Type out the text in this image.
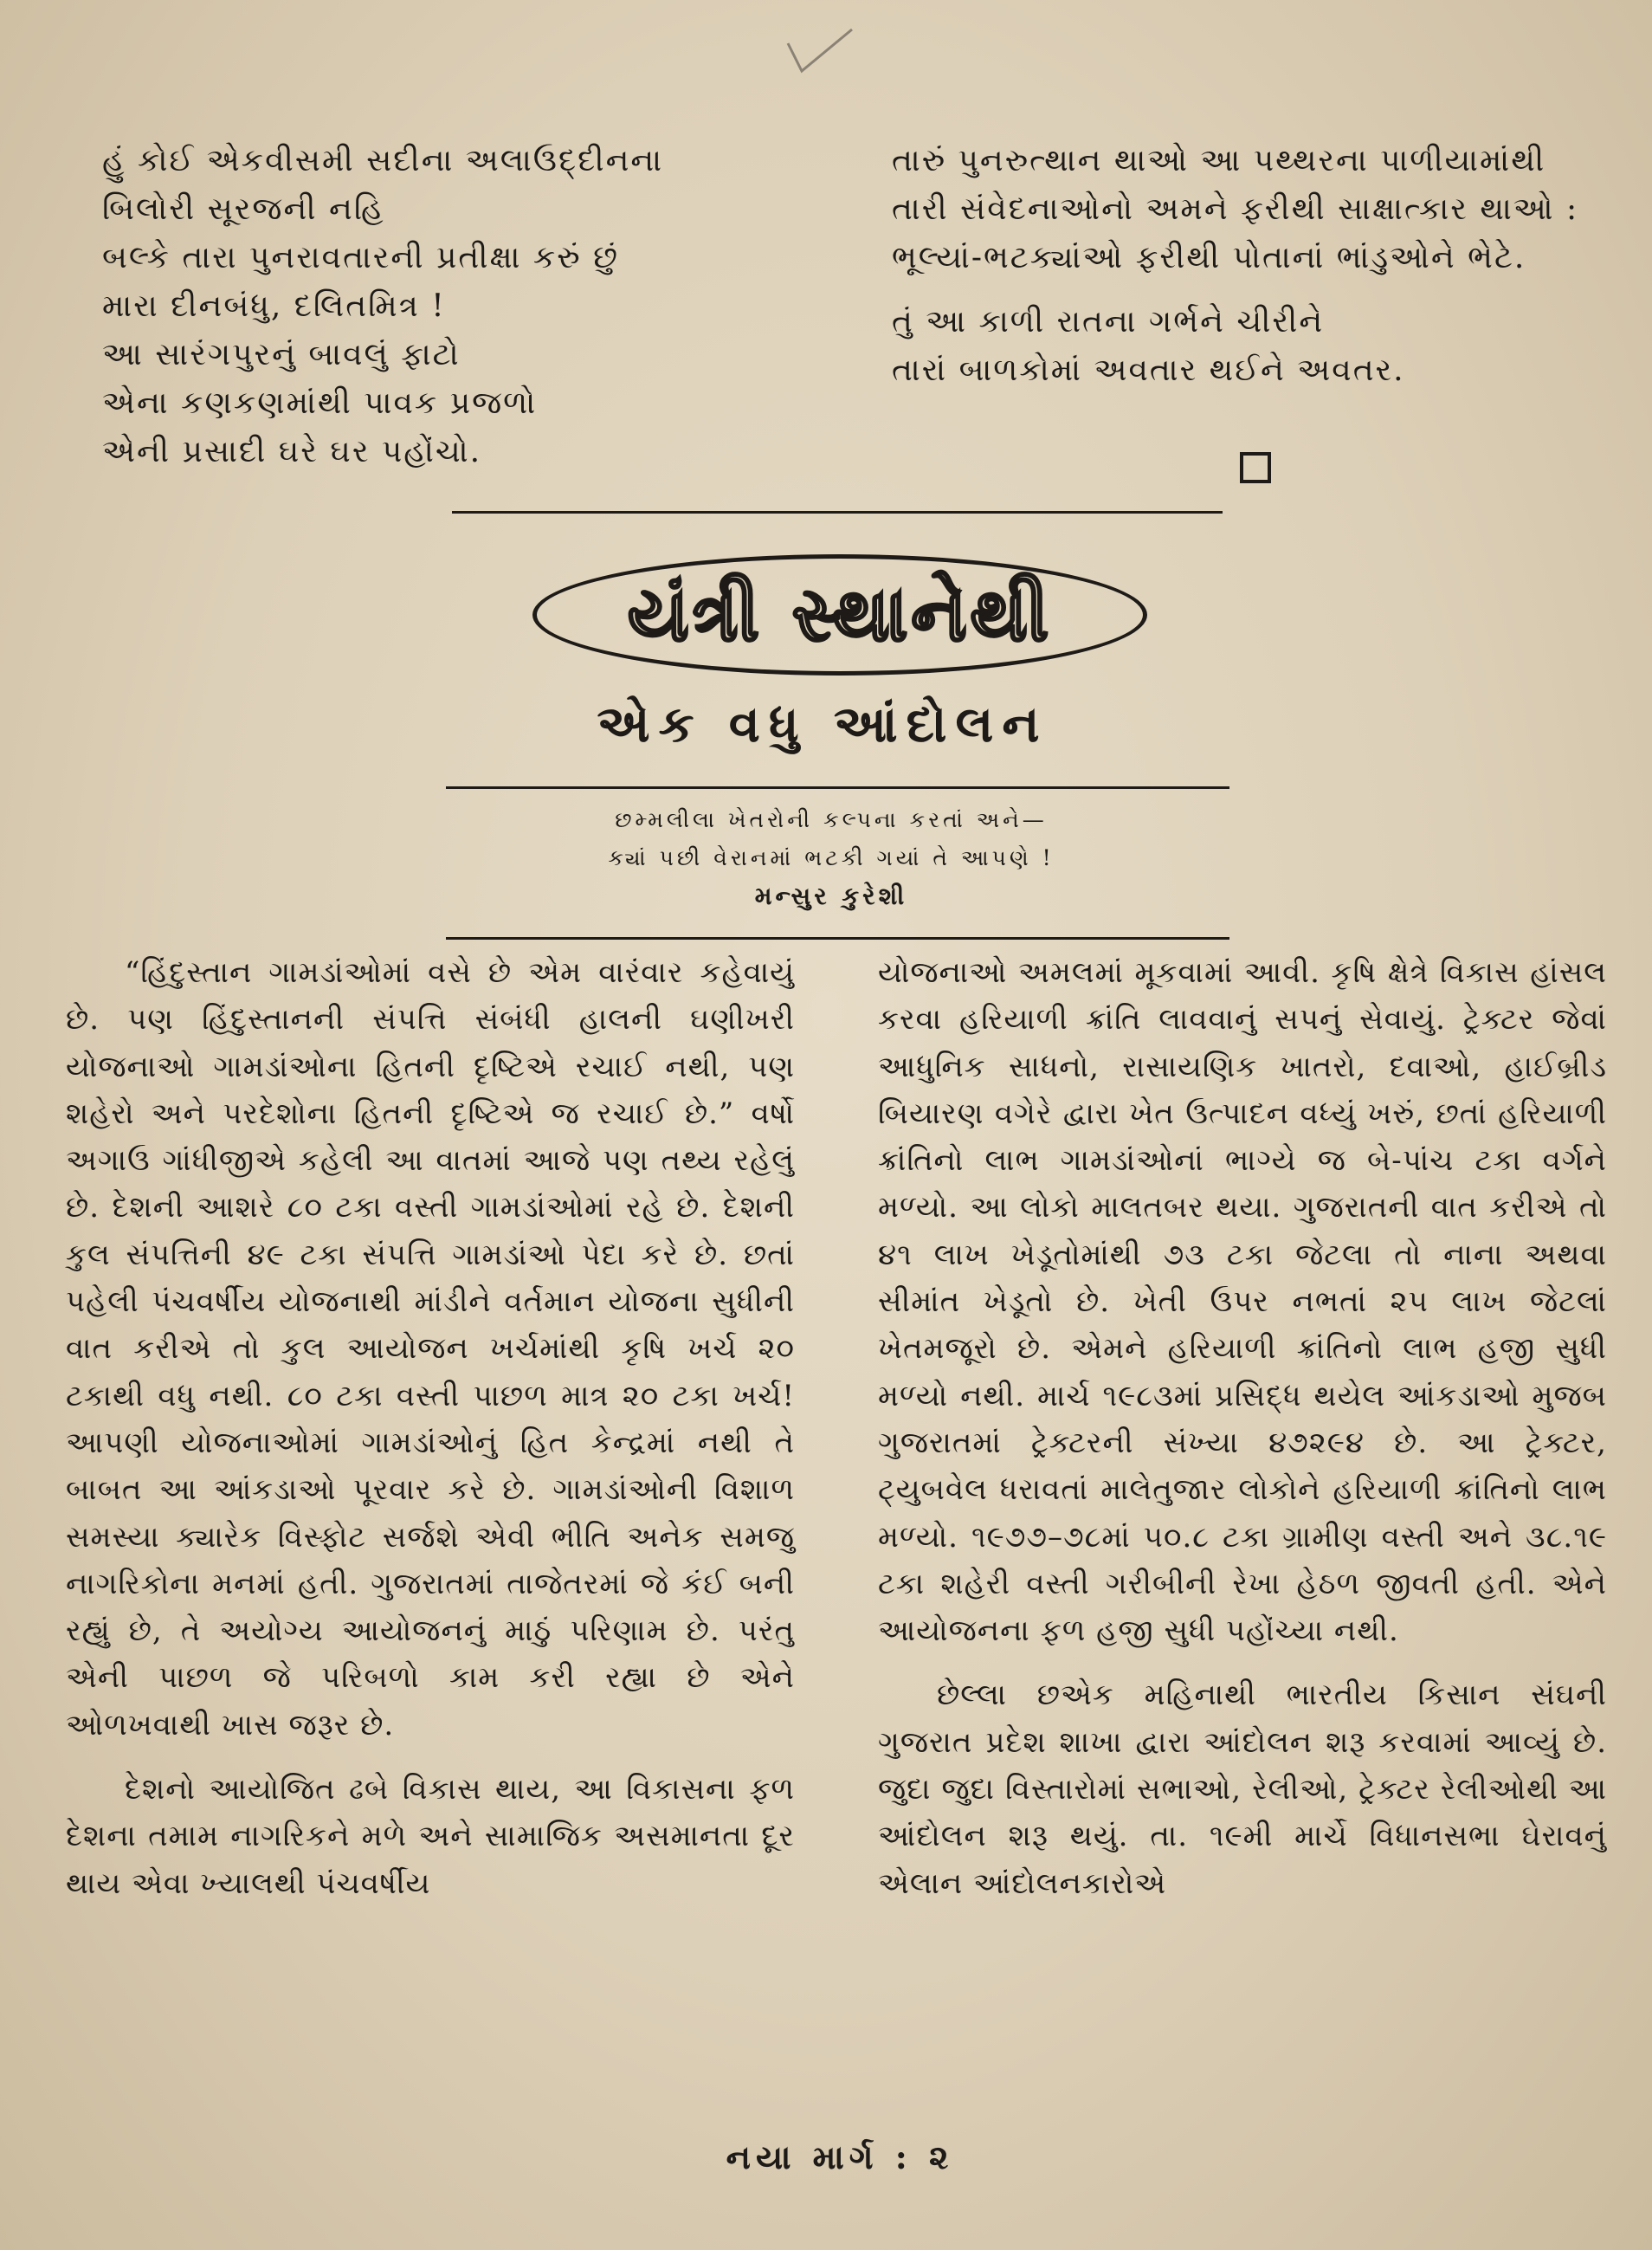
હું કોઈ એકવીસમી સદીના અલાઉદ્દીનના
બિલોરી સૂરજની નહિ
બલ્કે તારા પુનરાવતારની પ્રતીક્ષા કરું છું
મારા દીનબંધુ, દલિતમિત્ર !
આ સારંગપુરનું બાવલું ફાટો
એના કણકણમાંથી પાવક પ્રજળો
એની પ્રસાદી ઘરે ઘર પહોંચો.
તારું પુનરુત્થાન થાઓ આ પથ્થરના પાળીયામાંથી
તારી સંવેદનાઓનો અમને ફરીથી સાક્ષાત્કાર થાઓ :
ભૂલ્યાં-ભટક્યાંઓ ફરીથી પોતાનાં ભાંડુઓને ભેટે.
તું આ કાળી રાતના ગર્ભને ચીરીને
તારાં બાળકોમાં અવતાર થઈને અવતર.
યંત્રી સ્થાનેથી
એક વધુ આંદોલન
છમ્મલીલા ખેતરોની કલ્પના કરતાં અને—
ક્યાં પછી વેરાનમાં ભટકી ગયાં તે આપણે !
મન્સુર કુરેશી

“હિંદુસ્તાન ગામડાંઓમાં વસે છે એમ વારંવાર કહેવાયું છે. પણ હિંદુસ્તાનની સંપત્તિ સંબંધી હાલની ઘણીખરી યોજનાઓ ગામડાંઓના હિતની દૃષ્ટિએ રચાઈ નથી, પણ શહેરો અને પરદેશોના હિતની દૃષ્ટિએ જ રચાઈ છે.” વર્ષો અગાઉ ગાંધીજીએ કહેલી આ વાતમાં આજે પણ તથ્ય રહેલું છે. દેશની આશરે ૮૦ ટકા વસ્તી ગામડાંઓમાં રહે છે. દેશની કુલ સંપત્તિની ૪૯ ટકા સંપત્તિ ગામડાંઓ પેદા કરે છે. છતાં પહેલી પંચવર્ષીય યોજનાથી માંડીને વર્તમાન યોજના સુધીની વાત કરીએ તો કુલ આયોજન ખર્ચમાંથી કૃષિ ખર્ચ ૨૦ ટકાથી વધુ નથી. ૮૦ ટકા વસ્તી પાછળ માત્ર ૨૦ ટકા ખર્ચ! આપણી યોજનાઓમાં ગામડાંઓનું હિત કેન્દ્રમાં નથી તે બાબત આ આંકડાઓ પૂરવાર કરે છે. ગામડાંઓની વિશાળ સમસ્યા ક્યારેક વિસ્ફોટ સર્જશે એવી ભીતિ અનેક સમજુ નાગરિકોના મનમાં હતી. ગુજરાતમાં તાજેતરમાં જે કંઈ બની રહ્યું છે, તે અયોગ્ય આયોજનનું માઠું પરિણામ છે. પરંતુ એની પાછળ જે પરિબળો કામ કરી રહ્યા છે એને ઓળખવાથી ખાસ જરૂર છે.

દેશનો આયોજિત ઢબે વિકાસ થાય, આ વિકાસના ફળ દેશના તમામ નાગરિકને મળે અને સામાજિક અસમાનતા દૂર થાય એવા ખ્યાલથી પંચવર્ષીય

યોજનાઓ અમલમાં મૂકવામાં આવી. કૃષિ ક્ષેત્રે વિકાસ હાંસલ કરવા હરિયાળી ક્રાંતિ લાવવાનું સપનું સેવાયું. ટ્રેક્ટર જેવાં આધુનિક સાધનો, રાસાયણિક ખાતરો, દવાઓ, હાઈબ્રીડ બિયારણ વગેરે દ્વારા ખેત ઉત્પાદન વધ્યું ખરું, છતાં હરિયાળી ક્રાંતિનો લાભ ગામડાંઓનાં ભાગ્યે જ બે-પાંચ ટકા વર્ગને મળ્યો. આ લોકો માલતબર થયા. ગુજરાતની વાત કરીએ તો ૪૧ લાખ ખેડૂતોમાંથી ૭૩ ટકા જેટલા તો નાના અથવા સીમાંત ખેડૂતો છે. ખેતી ઉપર નભતાં ૨૫ લાખ જેટલાં ખેતમજૂરો છે. એમને હરિયાળી ક્રાંતિનો લાભ હજી સુધી મળ્યો નથી. માર્ચ ૧૯૮૩માં પ્રસિદ્ધ થયેલ આંકડાઓ મુજબ ગુજરાતમાં ટ્રેક્ટરની સંખ્યા ૪૭૨૯૪ છે. આ ટ્રેક્ટર, ટ્યુબવેલ ધરાવતાં માલેતુજાર લોકોને હરિયાળી ક્રાંતિનો લાભ મળ્યો. ૧૯૭૭–૭૮માં ૫૦.૮ ટકા ગ્રામીણ વસ્તી અને ૩૮.૧૯ ટકા શહેરી વસ્તી ગરીબીની રેખા હેઠળ જીવતી હતી. એને આયોજનના ફળ હજી સુધી પહોંચ્યા નથી.

છેલ્લા છએક મહિનાથી ભારતીય કિસાન સંઘની ગુજરાત પ્રદેશ શાખા દ્વારા આંદોલન શરૂ કરવામાં આવ્યું છે. જુદા જુદા વિસ્તારોમાં સભાઓ, રેલીઓ, ટ્રેક્ટર રેલીઓથી આ આંદોલન શરૂ થયું. તા. ૧૯મી માર્ચે વિધાનસભા ઘેરાવનું એલાન આંદોલનકારોએ

નયા માર્ગ : ૨
